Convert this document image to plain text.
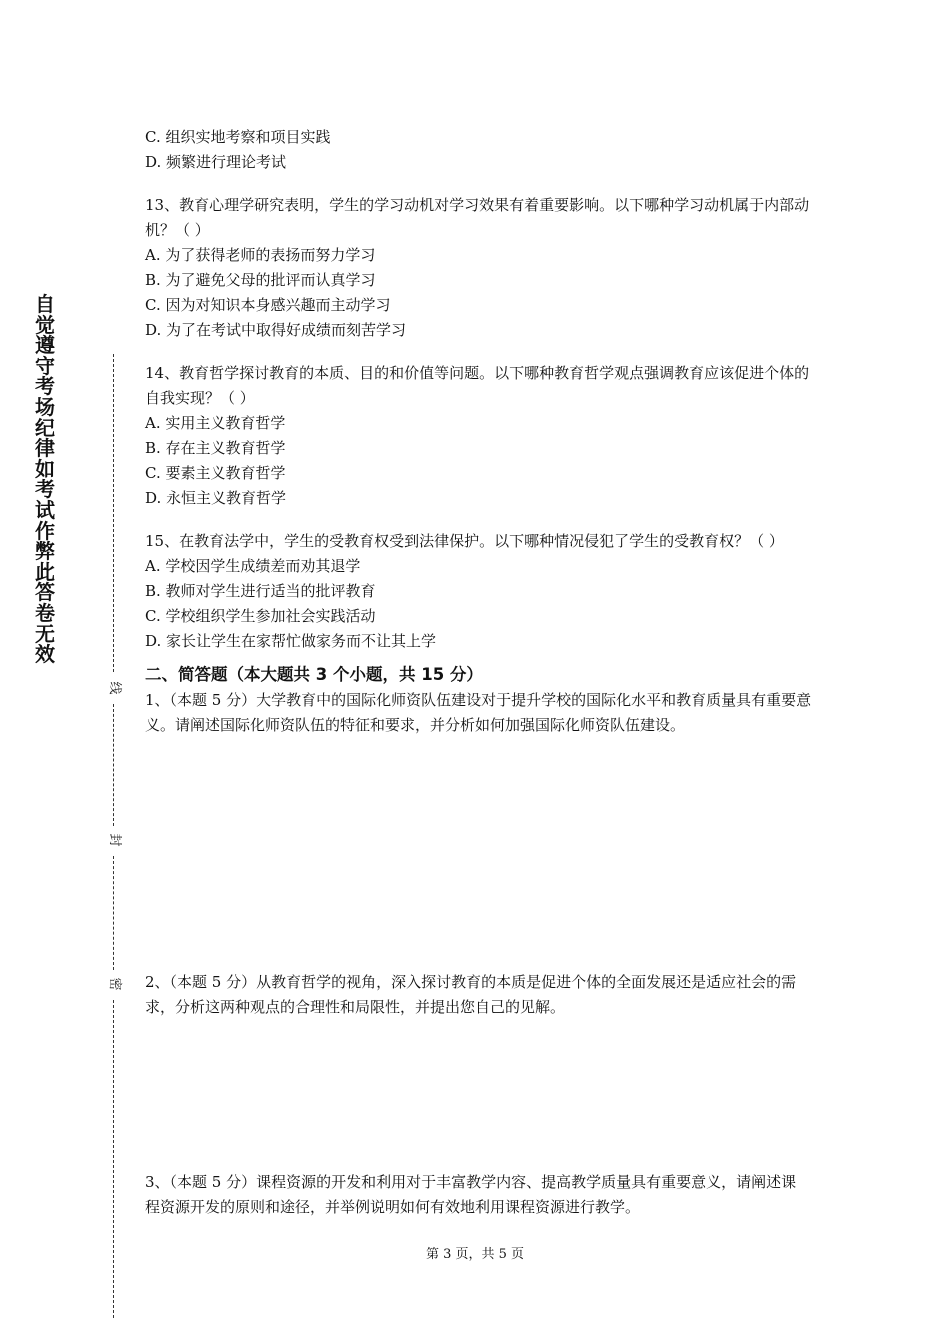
自觉遵守考场纪律如考试作弊此答卷无效
线
封
密
C. 组织实地考察和项目实践
D. 频繁进行理论考试
13、教育心理学研究表明，学生的学习动机对学习效果有着重要影响。以下哪种学习动机属于内部动机？（ ）
A. 为了获得老师的表扬而努力学习
B. 为了避免父母的批评而认真学习
C. 因为对知识本身感兴趣而主动学习
D. 为了在考试中取得好成绩而刻苦学习
14、教育哲学探讨教育的本质、目的和价值等问题。以下哪种教育哲学观点强调教育应该促进个体的自我实现？（ ）
A. 实用主义教育哲学
B. 存在主义教育哲学
C. 要素主义教育哲学
D. 永恒主义教育哲学
15、在教育法学中，学生的受教育权受到法律保护。以下哪种情况侵犯了学生的受教育权？（ ）
A. 学校因学生成绩差而劝其退学
B. 教师对学生进行适当的批评教育
C. 学校组织学生参加社会实践活动
D. 家长让学生在家帮忙做家务而不让其上学
二、简答题（本大题共 3 个小题，共 15 分）
1、（本题 5 分）大学教育中的国际化师资队伍建设对于提升学校的国际化水平和教育质量具有重要意义。请阐述国际化师资队伍的特征和要求，并分析如何加强国际化师资队伍建设。
2、（本题 5 分）从教育哲学的视角，深入探讨教育的本质是促进个体的全面发展还是适应社会的需求，分析这两种观点的合理性和局限性，并提出您自己的见解。
3、（本题 5 分）课程资源的开发和利用对于丰富教学内容、提高教学质量具有重要意义，请阐述课程资源开发的原则和途径，并举例说明如何有效地利用课程资源进行教学。
第 3 页，共 5 页
